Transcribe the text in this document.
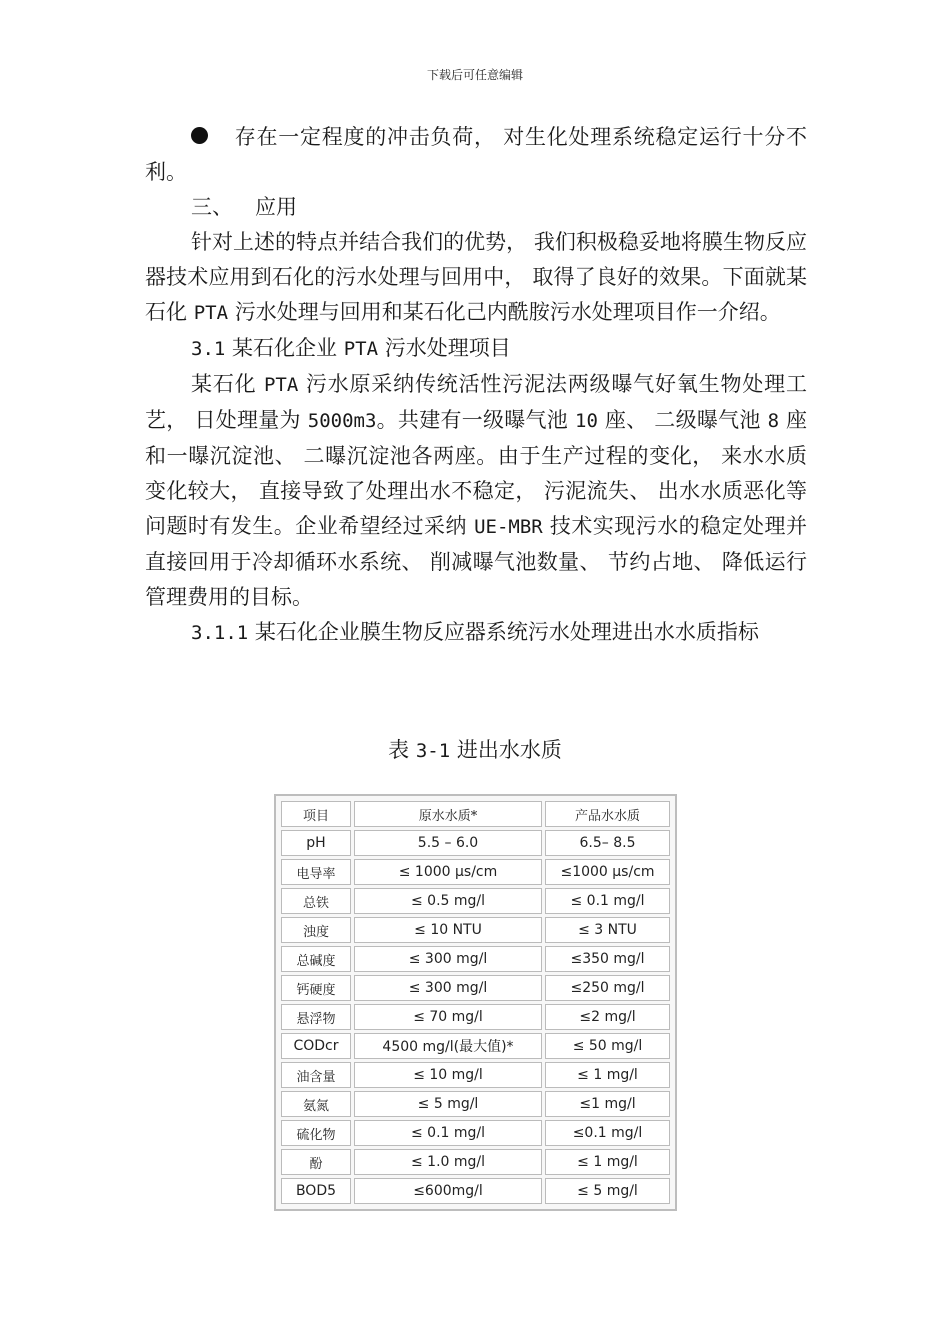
下载后可任意编辑

存在一定程度的冲击负荷， 对生化处理系统稳定运行十分不利。

三、 应用

针对上述的特点并结合我们的优势， 我们积极稳妥地将膜生物反应器技术应用到石化的污水处理与回用中， 取得了良好的效果。下面就某石化 PTA 污水处理与回用和某石化己内酰胺污水处理项目作一介绍。

3.1 某石化企业 PTA 污水处理项目

某石化 PTA 污水原采纳传统活性污泥法两级曝气好氧生物处理工艺， 日处理量为 5000m3。共建有一级曝气池 10 座、 二级曝气池 8 座和一曝沉淀池、 二曝沉淀池各两座。由于生产过程的变化， 来水水质变化较大， 直接导致了处理出水不稳定， 污泥流失、 出水水质恶化等问题时有发生。企业希望经过采纳 UE-MBR 技术实现污水的稳定处理并直接回用于冷却循环水系统、 削减曝气池数量、 节约占地、 降低运行管理费用的目标。

3.1.1 某石化企业膜生物反应器系统污水处理进出水水质指标

表 3-1 进出水水质
项目	原水水质*	产品水水质
pH	5.5 – 6.0	6.5– 8.5
电导率	≤ 1000 μs/cm	≤1000 μs/cm
总铁	≤ 0.5 mg/l	≤ 0.1 mg/l
浊度	≤ 10 NTU	≤ 3 NTU
总碱度	≤ 300 mg/l	≤350 mg/l
钙硬度	≤ 300 mg/l	≤250 mg/l
悬浮物	≤ 70 mg/l	≤2 mg/l
CODcr	4500 mg/l(最大值)*	≤ 50 mg/l
油含量	≤ 10 mg/l	≤ 1 mg/l
氨氮	≤ 5 mg/l	≤1 mg/l
硫化物	≤ 0.1 mg/l	≤0.1 mg/l
酚	≤ 1.0 mg/l	≤ 1 mg/l
BOD5	≤600mg/l	≤ 5 mg/l
